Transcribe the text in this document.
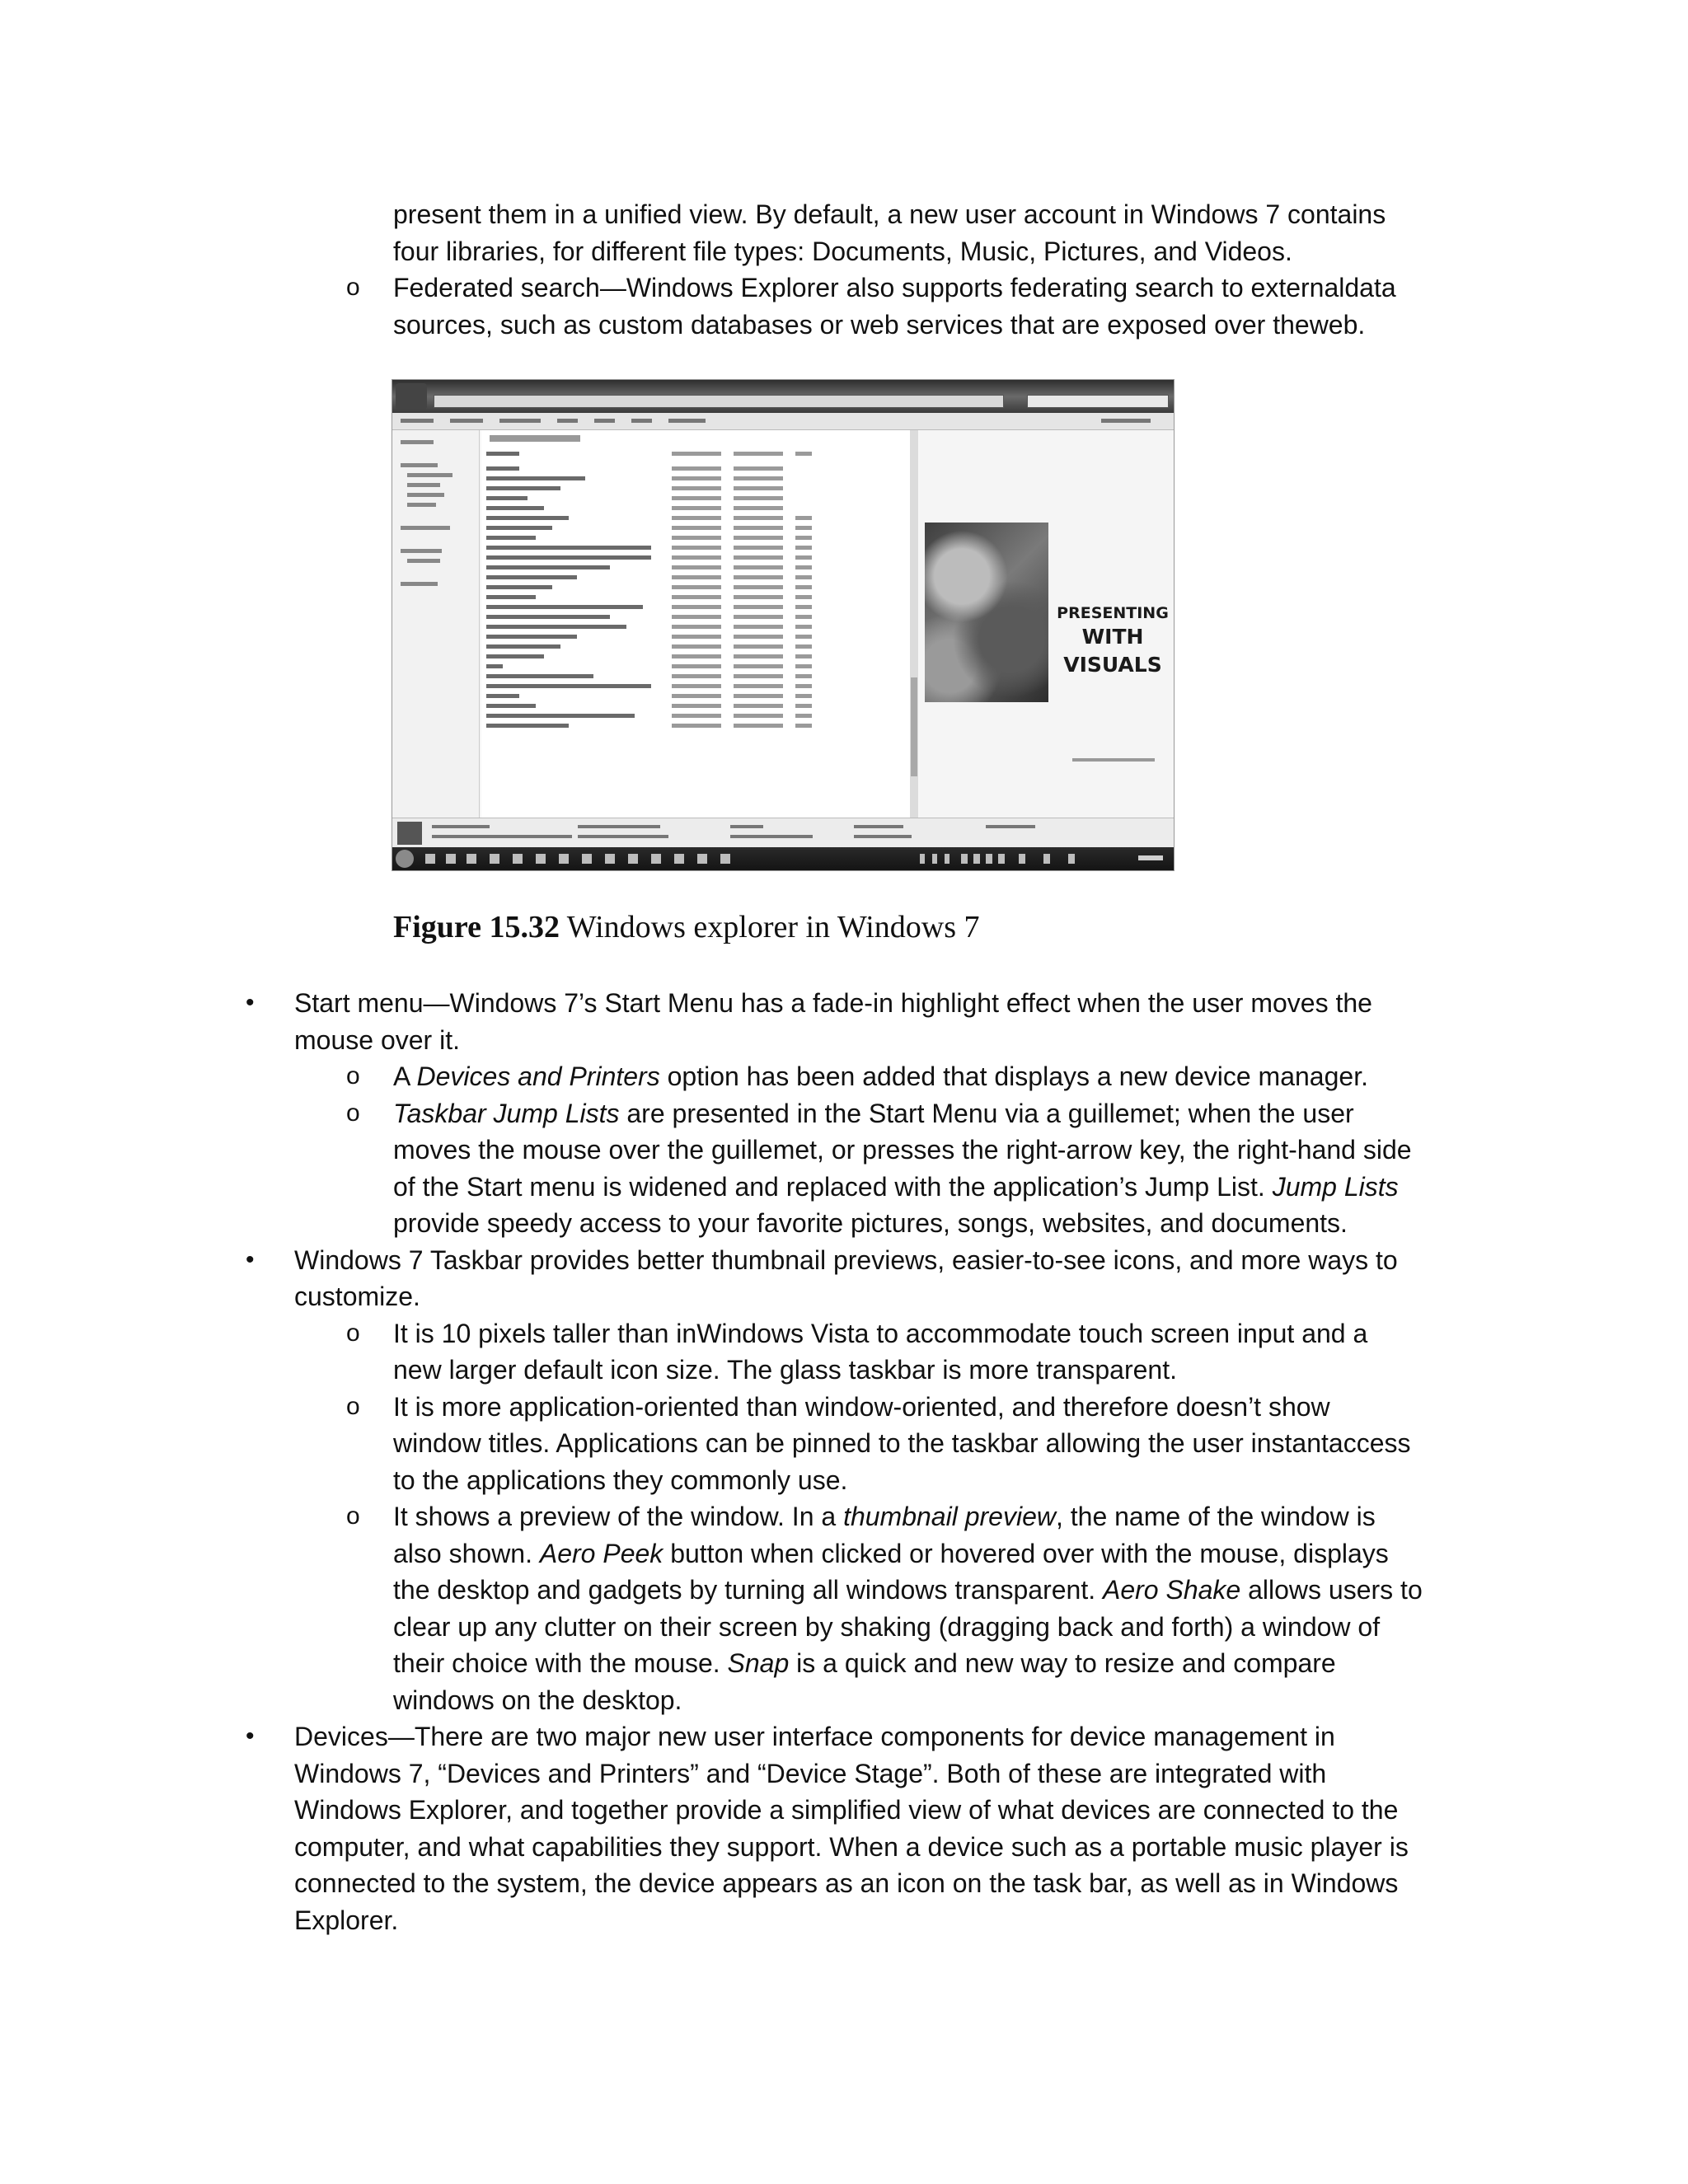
present them in a unified view. By default, a new user account in Windows 7 contains
four libraries, for different file types: Documents, Music, Pictures, and Videos.
o Federated search—Windows Explorer also supports federating search to externaldata
sources, such as custom databases or web services that are exposed over theweb.
PRESENTING
WITH
VISUALS
Figure 15.32 Windows explorer in Windows 7
• Start menu—Windows 7’s Start Menu has a fade-in highlight effect when the user moves the
mouse over it.
o A Devices and Printers option has been added that displays a new device manager.
o Taskbar Jump Lists are presented in the Start Menu via a guillemet; when the user
moves the mouse over the guillemet, or presses the right-arrow key, the right-hand side
of the Start menu is widened and replaced with the application’s Jump List. Jump Lists
provide speedy access to your favorite pictures, songs, websites, and documents.
• Windows 7 Taskbar provides better thumbnail previews, easier-to-see icons, and more ways to
customize.
o It is 10 pixels taller than inWindows Vista to accommodate touch screen input and a
new larger default icon size. The glass taskbar is more transparent.
o It is more application-oriented than window-oriented, and therefore doesn’t show
window titles. Applications can be pinned to the taskbar allowing the user instantaccess
to the applications they commonly use.
o It shows a preview of the window. In a thumbnail preview, the name of the window is
also shown. Aero Peek button when clicked or hovered over with the mouse, displays
the desktop and gadgets by turning all windows transparent. Aero Shake allows users to
clear up any clutter on their screen by shaking (dragging back and forth) a window of
their choice with the mouse. Snap is a quick and new way to resize and compare
windows on the desktop.
• Devices—There are two major new user interface components for device management in
Windows 7, “Devices and Printers” and “Device Stage”. Both of these are integrated with
Windows Explorer, and together provide a simplified view of what devices are connected to the
computer, and what capabilities they support. When a device such as a portable music player is
connected to the system, the device appears as an icon on the task bar, as well as in Windows
Explorer.
